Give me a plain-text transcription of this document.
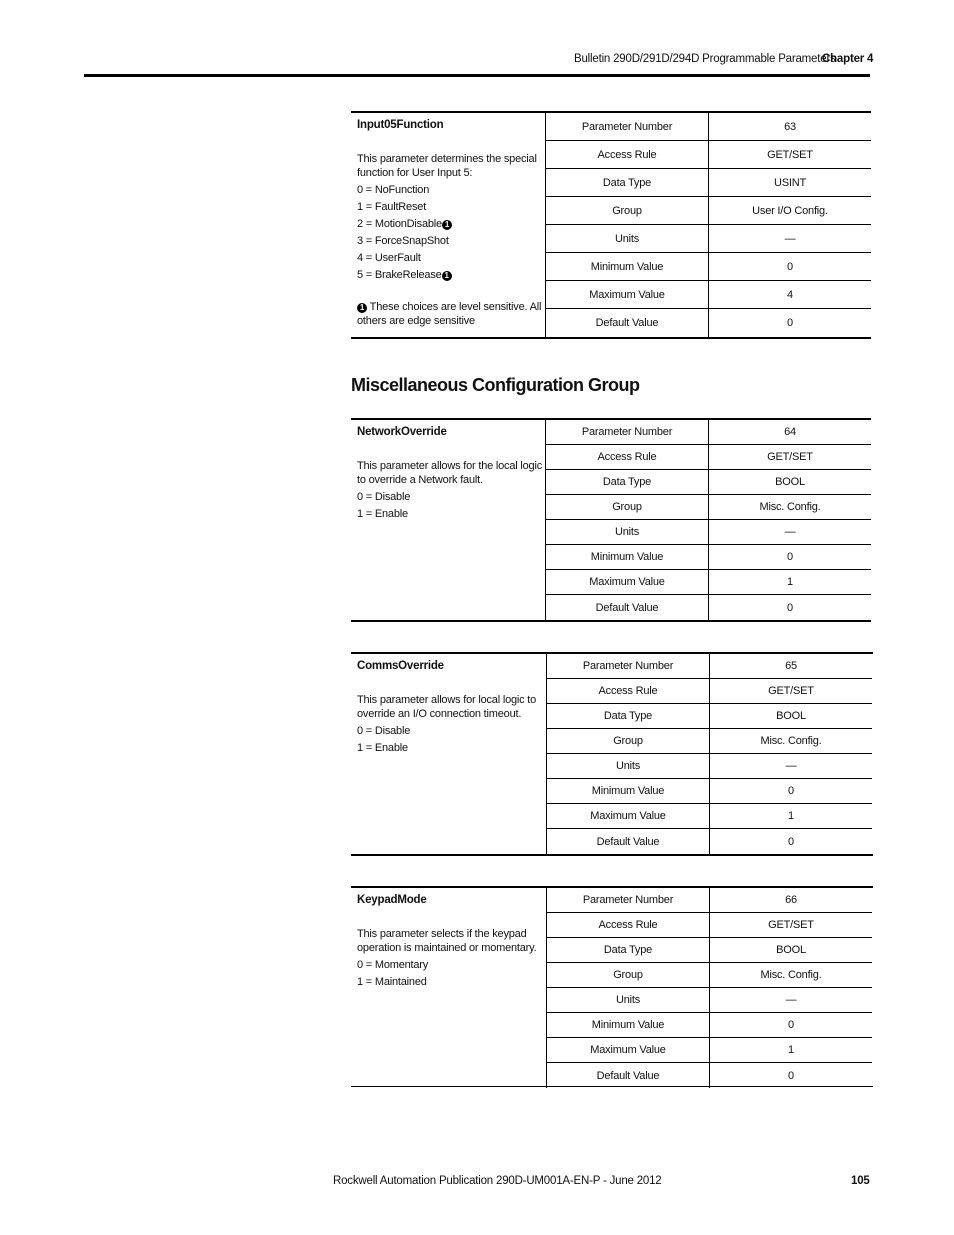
Bulletin 290D/291D/294D Programmable Parameters
Chapter 4
Input05Function
This parameter determines the special function for User Input 5:
0 = NoFunction
1 = FaultReset
2 = MotionDisable 1
3 = ForceSnapShot
4 = UserFault
5 = BrakeRelease 1
1 These choices are level sensitive. All others are edge sensitive
Parameter Number	63
Access Rule	GET/SET
Data Type	USINT
Group	User I/O Config.
Units	—
Minimum Value	0
Maximum Value	4
Default Value	0
Miscellaneous Configuration Group
NetworkOverride
This parameter allows for the local logic to override a Network fault.
0 = Disable
1 = Enable
Parameter Number	64
Access Rule	GET/SET
Data Type	BOOL
Group	Misc. Config.
Units	—
Minimum Value	0
Maximum Value	1
Default Value	0
CommsOverride
This parameter allows for local logic to override an I/O connection timeout.
0 = Disable
1 = Enable
Parameter Number	65
Access Rule	GET/SET
Data Type	BOOL
Group	Misc. Config.
Units	—
Minimum Value	0
Maximum Value	1
Default Value	0
KeypadMode
This parameter selects if the keypad operation is maintained or momentary.
0 = Momentary
1 = Maintained
Parameter Number	66
Access Rule	GET/SET
Data Type	BOOL
Group	Misc. Config.
Units	—
Minimum Value	0
Maximum Value	1
Default Value	0
Rockwell Automation Publication 290D-UM001A-EN-P - June 2012	105
